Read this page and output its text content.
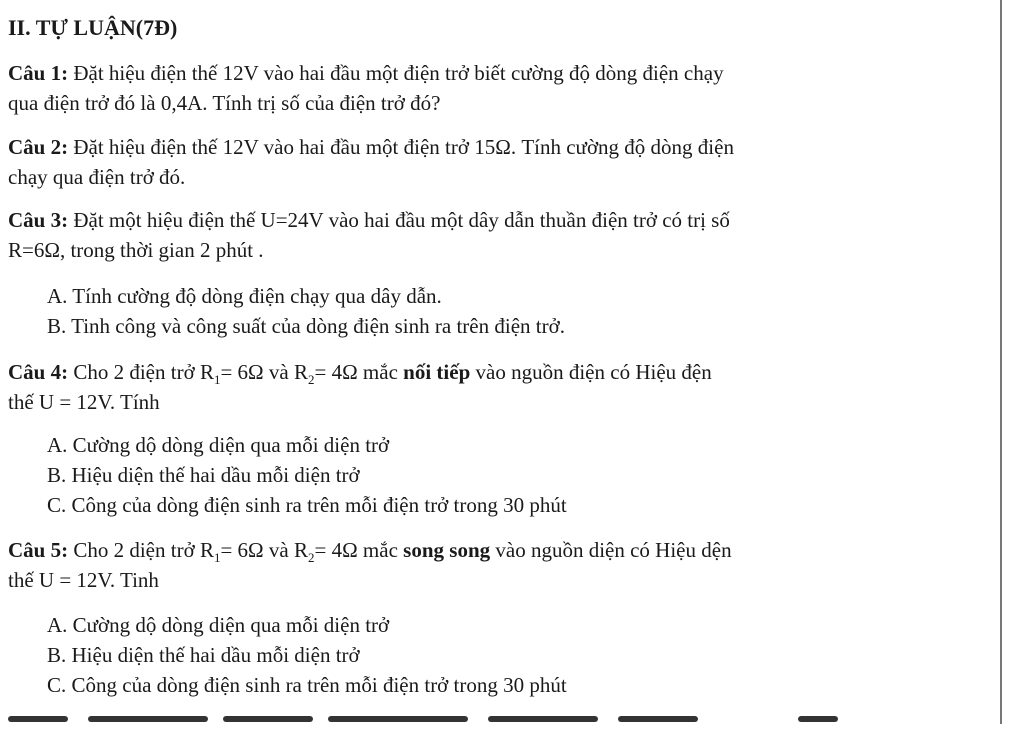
II. TỰ LUẬN(7Đ)
Câu 1: Đặt hiệu điện thế 12V vào hai đầu một điện trở biết cường độ dòng điện chạy
qua điện trở đó là 0,4A. Tính trị số của điện trở đó?
Câu 2: Đặt hiệu điện thế 12V vào hai đầu một điện trở 15Ω. Tính cường độ dòng điện
chạy qua điện trở đó.
Câu 3: Đặt một hiệu điện thế U=24V vào hai đầu một dây dẫn thuần điện trở có trị số
R=6Ω, trong thời gian 2 phút .
A. Tính cường độ dòng điện chạy qua dây dẫn.
B. Tinh công và công suất của dòng điện sinh ra trên điện trở.
Câu 4: Cho 2 điện trở $R_1= 6\Omega$ và $R_2= 4\Omega$ mắc nối tiếp vào nguồn điện có Hiệu đện
thế U = 12V. Tính
A. Cường dộ dòng diện qua mỗi diện trở
B. Hiệu diện thế hai dầu mỗi diện trở
C. Công của dòng điện sinh ra trên mỗi điện trở trong 30 phút
Câu 5: Cho 2 diện trở $R_1= 6\Omega$ và $R_2= 4\Omega$ mắc song song vào nguồn diện có Hiệu dện
thế U = 12V. Tinh
A. Cường dộ dòng diện qua mỗi diện trở
B. Hiệu diện thế hai dầu mỗi diện trở
C. Công của dòng điện sinh ra trên mỗi điện trở trong 30 phút
